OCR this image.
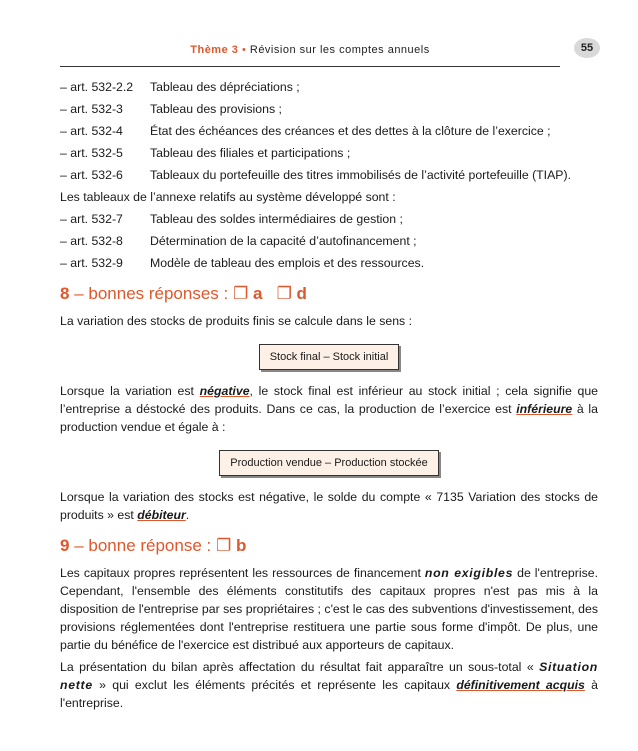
Thème 3 • Révision sur les comptes annuels	55
– art. 532-2.2 Tableau des dépréciations ;
– art. 532-3 Tableau des provisions ;
– art. 532-4 État des échéances des créances et des dettes à la clôture de l’exercice ;
– art. 532-5 Tableau des filiales et participations ;
– art. 532-6 Tableaux du portefeuille des titres immobilisés de l’activité portefeuille (TIAP).
Les tableaux de l’annexe relatifs au système développé sont :
– art. 532-7 Tableau des soldes intermédiaires de gestion ;
– art. 532-8 Détermination de la capacité d’autofinancement ;
– art. 532-9 Modèle de tableau des emplois et des ressources.
8 – bonnes réponses : ❐ a ❐ d

La variation des stocks de produits finis se calcule dans le sens :

Stock final – Stock initial

Lorsque la variation est négative, le stock final est inférieur au stock initial ; cela signifie que l’entreprise a déstocké des produits. Dans ce cas, la production de l’exercice est inférieure à la production vendue et égale à :

Production vendue – Production stockée

Lorsque la variation des stocks est négative, le solde du compte « 7135 Variation des stocks de produits » est débiteur.

9 – bonne réponse : ❐ b

Les capitaux propres représentent les ressources de financement non exigibles de l'entreprise. Cependant, l'ensemble des éléments constitutifs des capitaux propres n'est pas mis à la disposition de l'entreprise par ses propriétaires ; c'est le cas des subventions d'investissement, des provisions réglementées dont l'entreprise restituera une partie sous forme d'impôt. De plus, une partie du bénéfice de l'exercice est distribué aux apporteurs de capitaux.

La présentation du bilan après affectation du résultat fait apparaître un sous-total « Situation nette » qui exclut les éléments précités et représente les capitaux définitivement acquis à l'entreprise.
